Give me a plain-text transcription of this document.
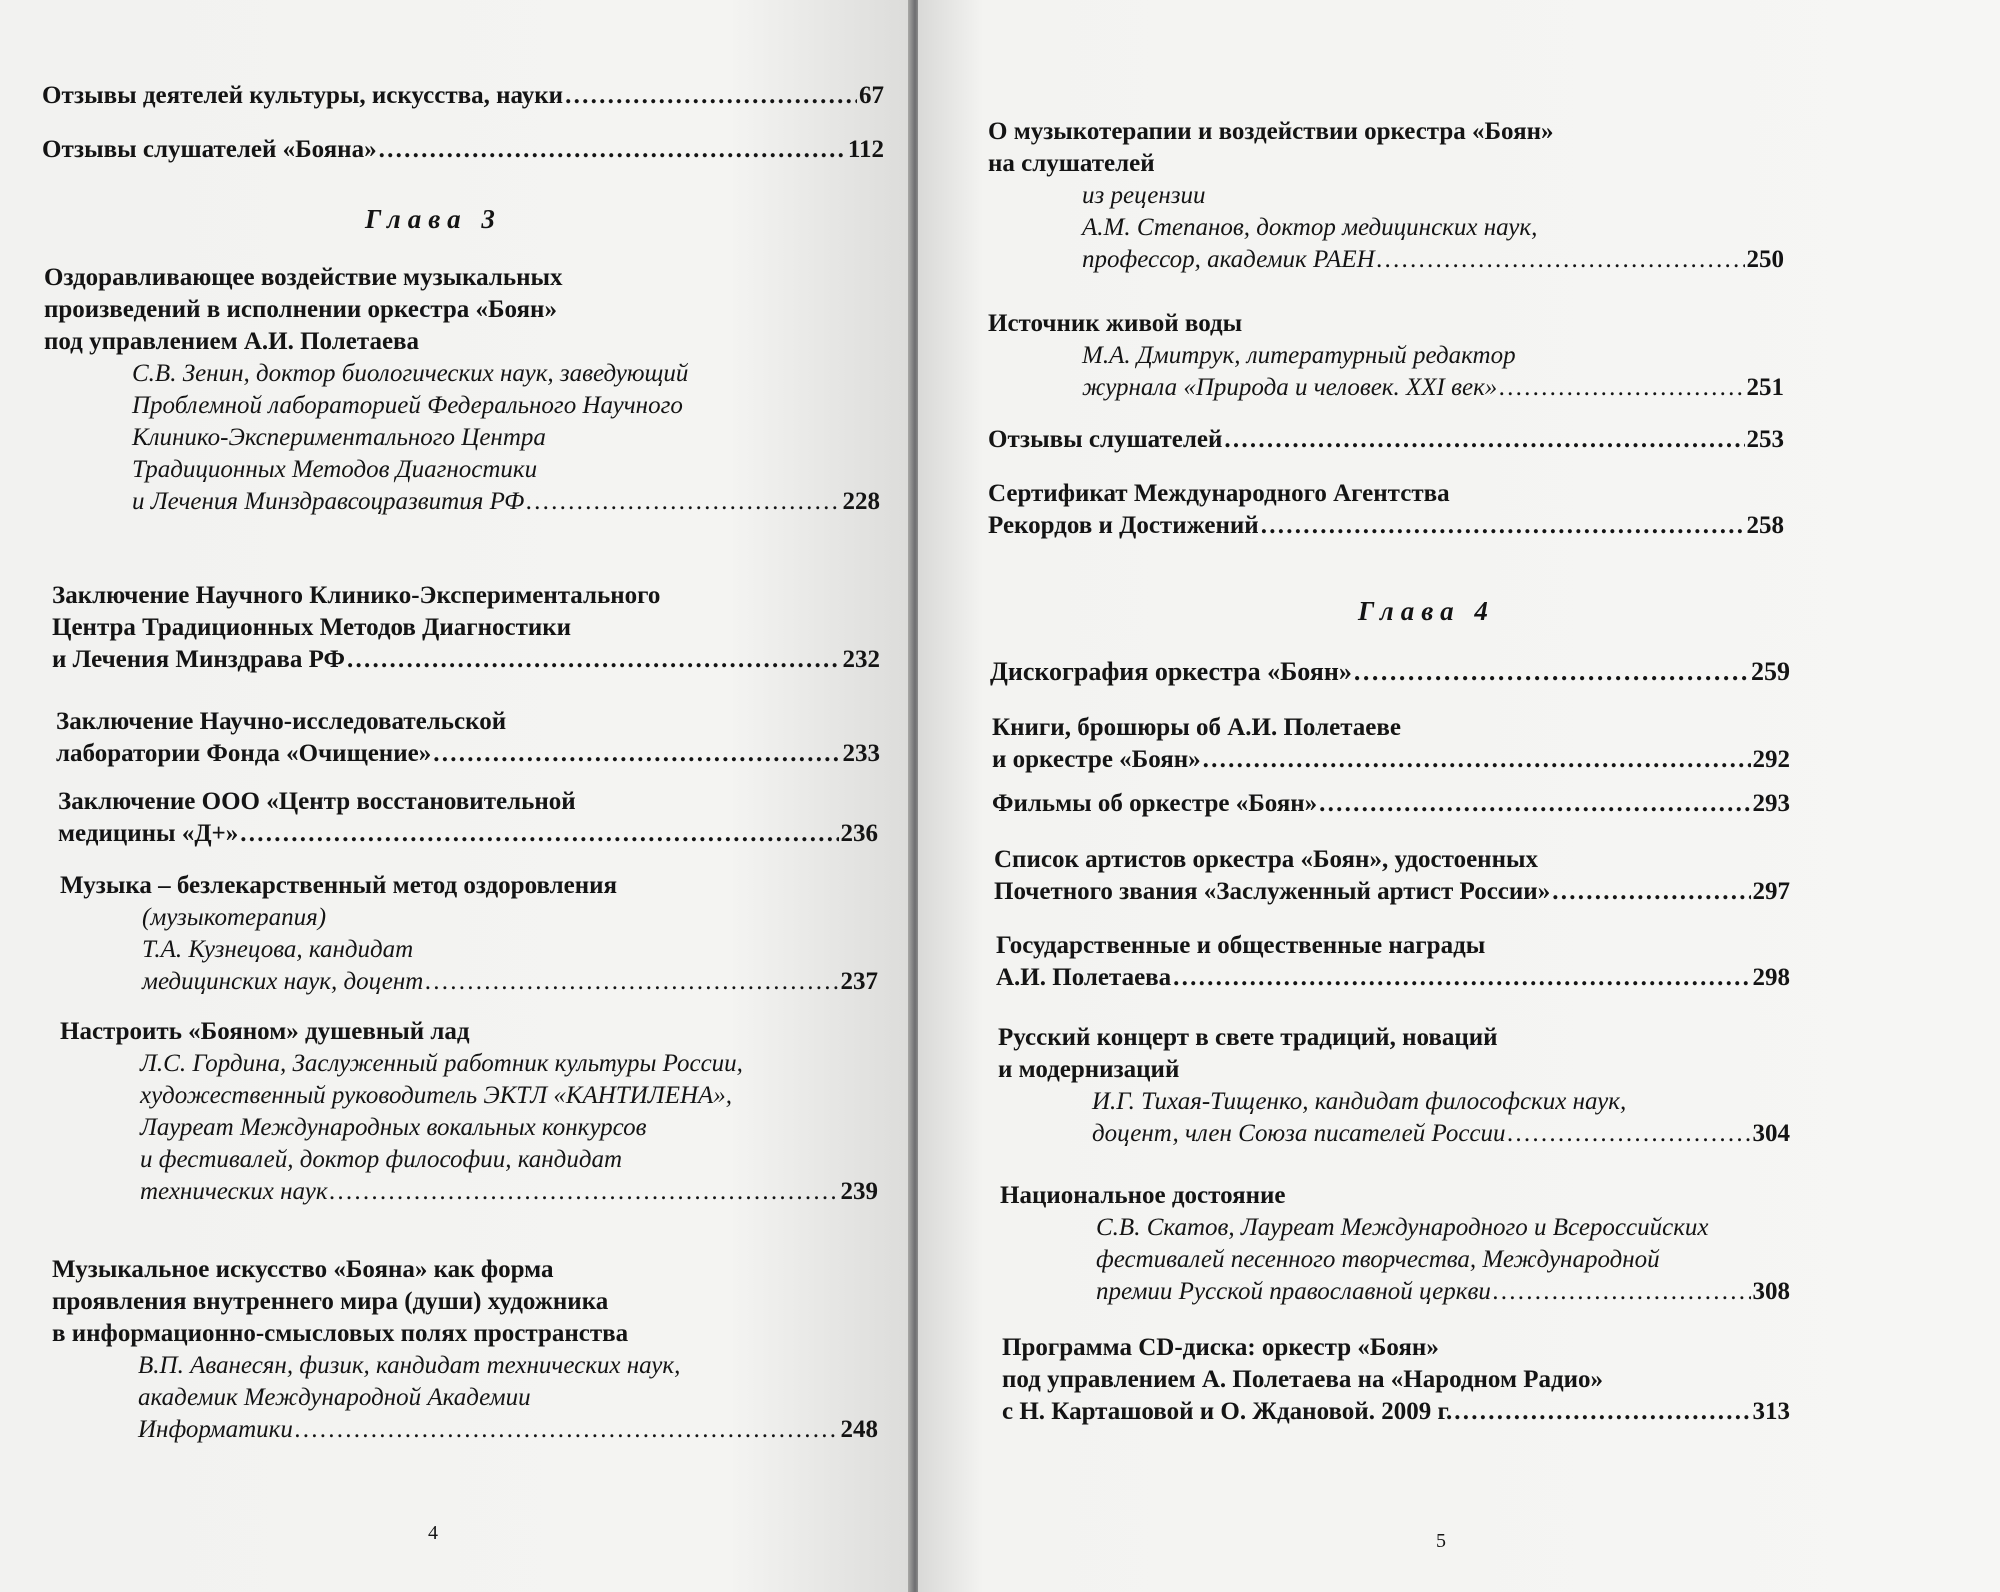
Отзывы деятелей культуры, искусства, науки . . .	67
Отзывы слушателей «Бояна» . . .	112
Глава 3
Оздоравливающее воздействие музыкальных
произведений в исполнении оркестра «Боян»
под управлением А.И. Полетаева
С.В. Зенин, доктор биологических наук, заведующий
Проблемной лабораторией Федерального Научного
Клинико-Экспериментального Центра
Традиционных Методов Диагностики
и Лечения Минздравсоцразвития РФ . . .	228
Заключение Научного Клинико-Экспериментального
Центра Традиционных Методов Диагностики
и Лечения Минздрава РФ . . .	232
Заключение Научно-исследовательской
лаборатории Фонда «Очищение» . . .	233
Заключение ООО «Центр восстановительной
медицины «Д+» . . .	236
Музыка – безлекарственный метод оздоровления
(музыкотерапия)
Т.А. Кузнецова, кандидат
медицинских наук, доцент . . .	237
Настроить «Бояном» душевный лад
Л.С. Гордина, Заслуженный работник культуры России,
художественный руководитель ЭКТЛ «КАНТИЛЕНА»,
Лауреат Международных вокальных конкурсов
и фестивалей, доктор философии, кандидат
технических наук . . .	239
Музыкальное искусство «Бояна» как форма
проявления внутреннего мира (души) художника
в информационно-смысловых полях пространства
В.П. Аванесян, физик, кандидат технических наук,
академик Международной Академии
Информатики . . .	248
4
О музыкотерапии и воздействии оркестра «Боян»
на слушателей
из рецензии
А.М. Степанов, доктор медицинских наук,
профессор, академик РАЕН . . .	250
Источник живой воды
М.А. Дмитрук, литературный редактор
журнала «Природа и человек. XXI век» . . .	251
Отзывы слушателей . . .	253
Сертификат Международного Агентства
Рекордов и Достижений . . .	258
Глава 4
Дискография оркестра «Боян» . . .	259
Книги, брошюры об А.И. Полетаеве
и оркестре «Боян» . . .	292
Фильмы об оркестре «Боян» . . .	293
Список артистов оркестра «Боян», удостоенных
Почетного звания «Заслуженный артист России» . . .	297
Государственные и общественные награды
А.И. Полетаева . . .	298
Русский концерт в свете традиций, новаций
и модернизаций
И.Г. Тихая-Тищенко, кандидат философских наук,
доцент, член Союза писателей России . . .	304
Национальное достояние
С.В. Скатов, Лауреат Международного и Всероссийских
фестивалей песенного творчества, Международной
премии Русской православной церкви . . .	308
Программа CD-диска: оркестр «Боян»
под управлением А. Полетаева на «Народном Радио»
с Н. Карташовой и О. Ждановой. 2009 г. . . .	313
5
